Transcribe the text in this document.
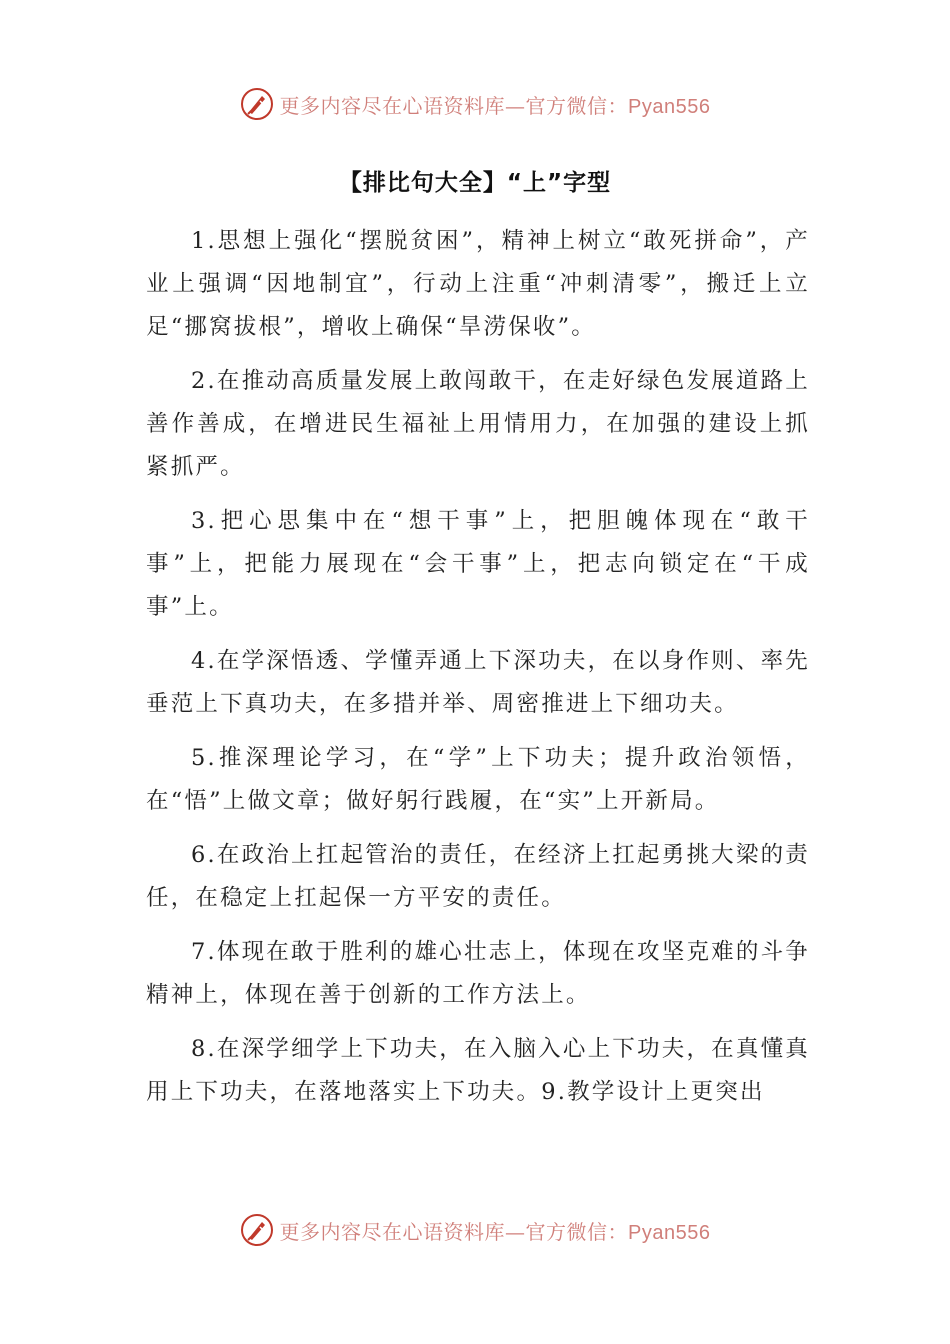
更多内容尽在心语资料库—官方微信：Pyan556
【排比句大全】“上”字型

1.思想上强化“摆脱贫困”，精神上树立“敢死拼命”，产业上强调“因地制宜”，行动上注重“冲刺清零”，搬迁上立足“挪窝拔根”，增收上确保“旱涝保收”。

2.在推动高质量发展上敢闯敢干，在走好绿色发展道路上善作善成，在增进民生福祉上用情用力，在加强的建设上抓紧抓严。

3.把心思集中在“想干事”上，把胆魄体现在“敢干事”上，把能力展现在“会干事”上，把志向锁定在“干成事”上。

4.在学深悟透、学懂弄通上下深功夫，在以身作则、率先垂范上下真功夫，在多措并举、周密推进上下细功夫。

5.推深理论学习，在“学”上下功夫；提升政治领悟，在“悟”上做文章；做好躬行践履，在“实”上开新局。

6.在政治上扛起管治的责任，在经济上扛起勇挑大梁的责任，在稳定上扛起保一方平安的责任。

7.体现在敢于胜利的雄心壮志上，体现在攻坚克难的斗争精神上，体现在善于创新的工作方法上。

8.在深学细学上下功夫，在入脑入心上下功夫，在真懂真用上下功夫，在落地落实上下功夫。9.教学设计上更突出

更多内容尽在心语资料库—官方微信：Pyan556
